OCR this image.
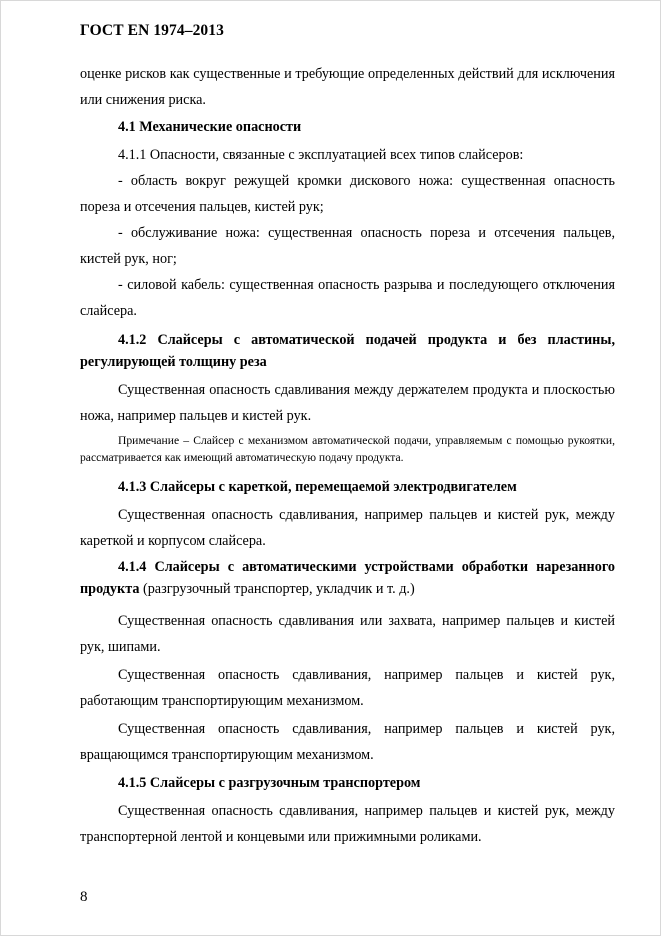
ГОСТ EN 1974–2013

оценке рисков как существенные и требующие определенных действий для исключения или снижения риска.

4.1 Механические опасности

4.1.1 Опасности, связанные с эксплуатацией всех типов слайсеров:

- область вокруг режущей кромки дискового ножа: существенная опасность пореза и отсечения пальцев, кистей рук;

- обслуживание ножа: существенная опасность пореза и отсечения пальцев, кистей рук, ног;

- силовой кабель: существенная опасность разрыва и последующего отключения слайсера.

4.1.2 Слайсеры с автоматической подачей продукта и без пластины, регулирующей толщину реза

Существенная опасность сдавливания между держателем продукта и плоскостью ножа, например пальцев и кистей рук.

Примечание – Слайсер с механизмом автоматической подачи, управляемым с помощью рукоятки, рассматривается как имеющий автоматическую подачу продукта.

4.1.3 Слайсеры с кареткой, перемещаемой электродвигателем

Существенная опасность сдавливания, например пальцев и кистей рук, между кареткой и корпусом слайсера.

4.1.4 Слайсеры с автоматическими устройствами обработки нарезанного продукта (разгрузочный транспортер, укладчик и т. д.)

Существенная опасность сдавливания или захвата, например пальцев и кистей рук, шипами.

Существенная опасность сдавливания, например пальцев и кистей рук, работающим транспортирующим механизмом.

Существенная опасность сдавливания, например пальцев и кистей рук, вращающимся транспортирующим механизмом.

4.1.5 Слайсеры с разгрузочным транспортером

Существенная опасность сдавливания, например пальцев и кистей рук, между транспортерной лентой и концевыми или прижимными роликами.

8
